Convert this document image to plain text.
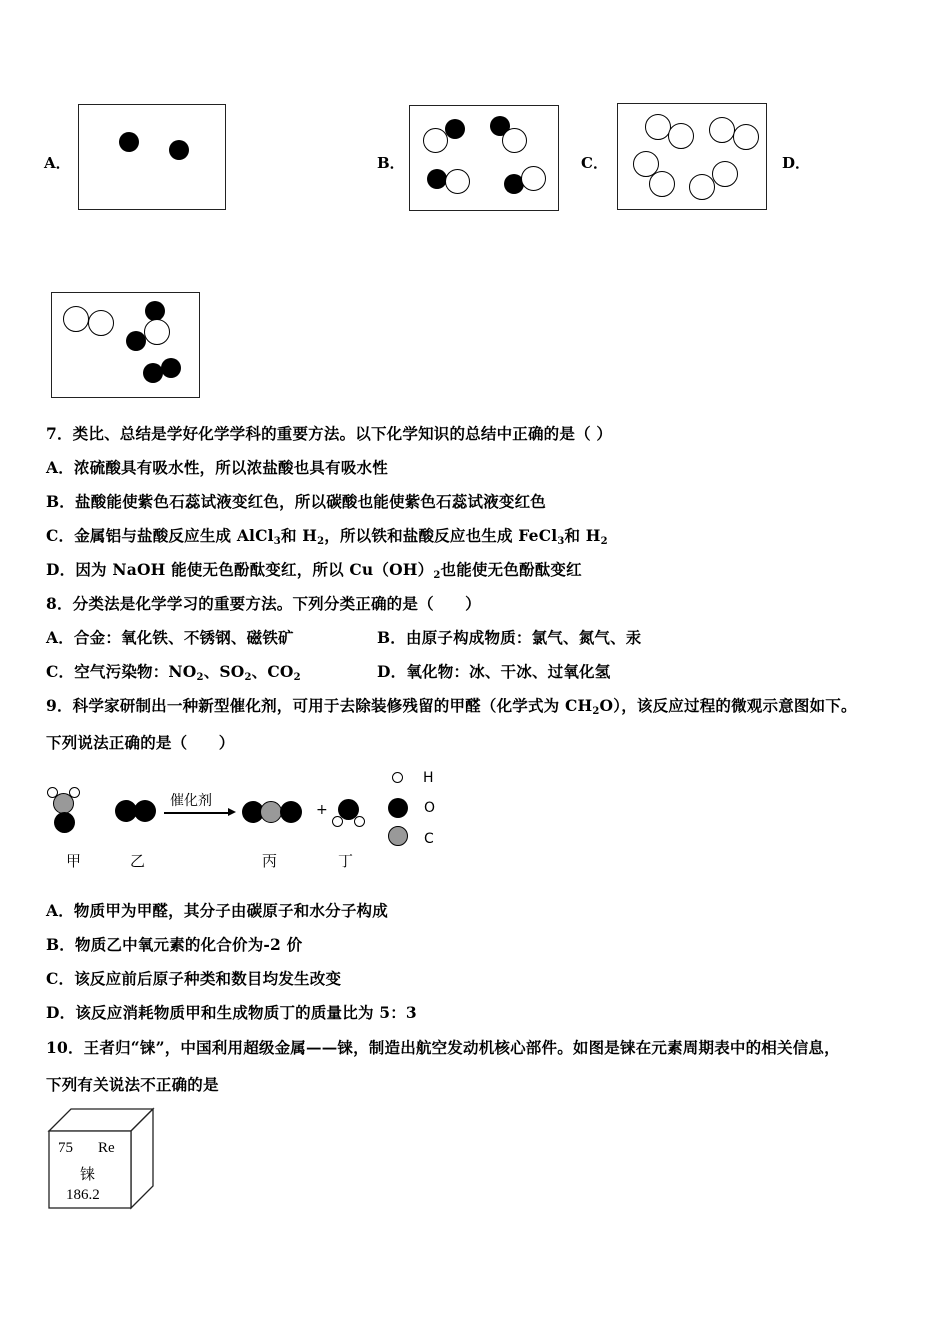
A．	B．	C．	D．
7．类比、总结是学好化学学科的重要方法。以下化学知识的总结中正确的是（ ）
A．浓硫酸具有吸水性，所以浓盐酸也具有吸水性
B．盐酸能使紫色石蕊试液变红色，所以碳酸也能使紫色石蕊试液变红色
C．金属铝与盐酸反应生成 AlCl$_3$和 $H_2$，所以铁和盐酸反应也生成 FeCl$_3$和 $H_2$
D．因为 NaOH 能使无色酚酞变红，所以 $Cu(OH)_2$也能使无色酚酞变红
8．分类法是化学学习的重要方法。下列分类正确的是（　　）
A．合金：氧化铁、不锈钢、磁铁矿	B．由原子构成物质：氯气、氮气、汞
C．空气污染物：$NO_2$、$SO_2$、$CO_2$	D．氧化物：冰、干冰、过氧化氢
9．科学家研制出一种新型催化剂，可用于去除装修残留的甲醛（化学式为 $CH_2O$），该反应过程的微观示意图如下。
下列说法正确的是（　　）
催化剂
+
甲	乙	丙	丁
H
O
C
A．物质甲为甲醛，其分子由碳原子和水分子构成
B．物质乙中氧元素的化合价为-2 价
C．该反应前后原子种类和数目均发生改变
D．该反应消耗物质甲和生成物质丁的质量比为 5：3
10．王者归“铼”，中国利用超级金属——铼，制造出航空发动机核心部件。如图是铼在元素周期表中的相关信息，
下列有关说法不正确的是
75 Re
铼
186.2
